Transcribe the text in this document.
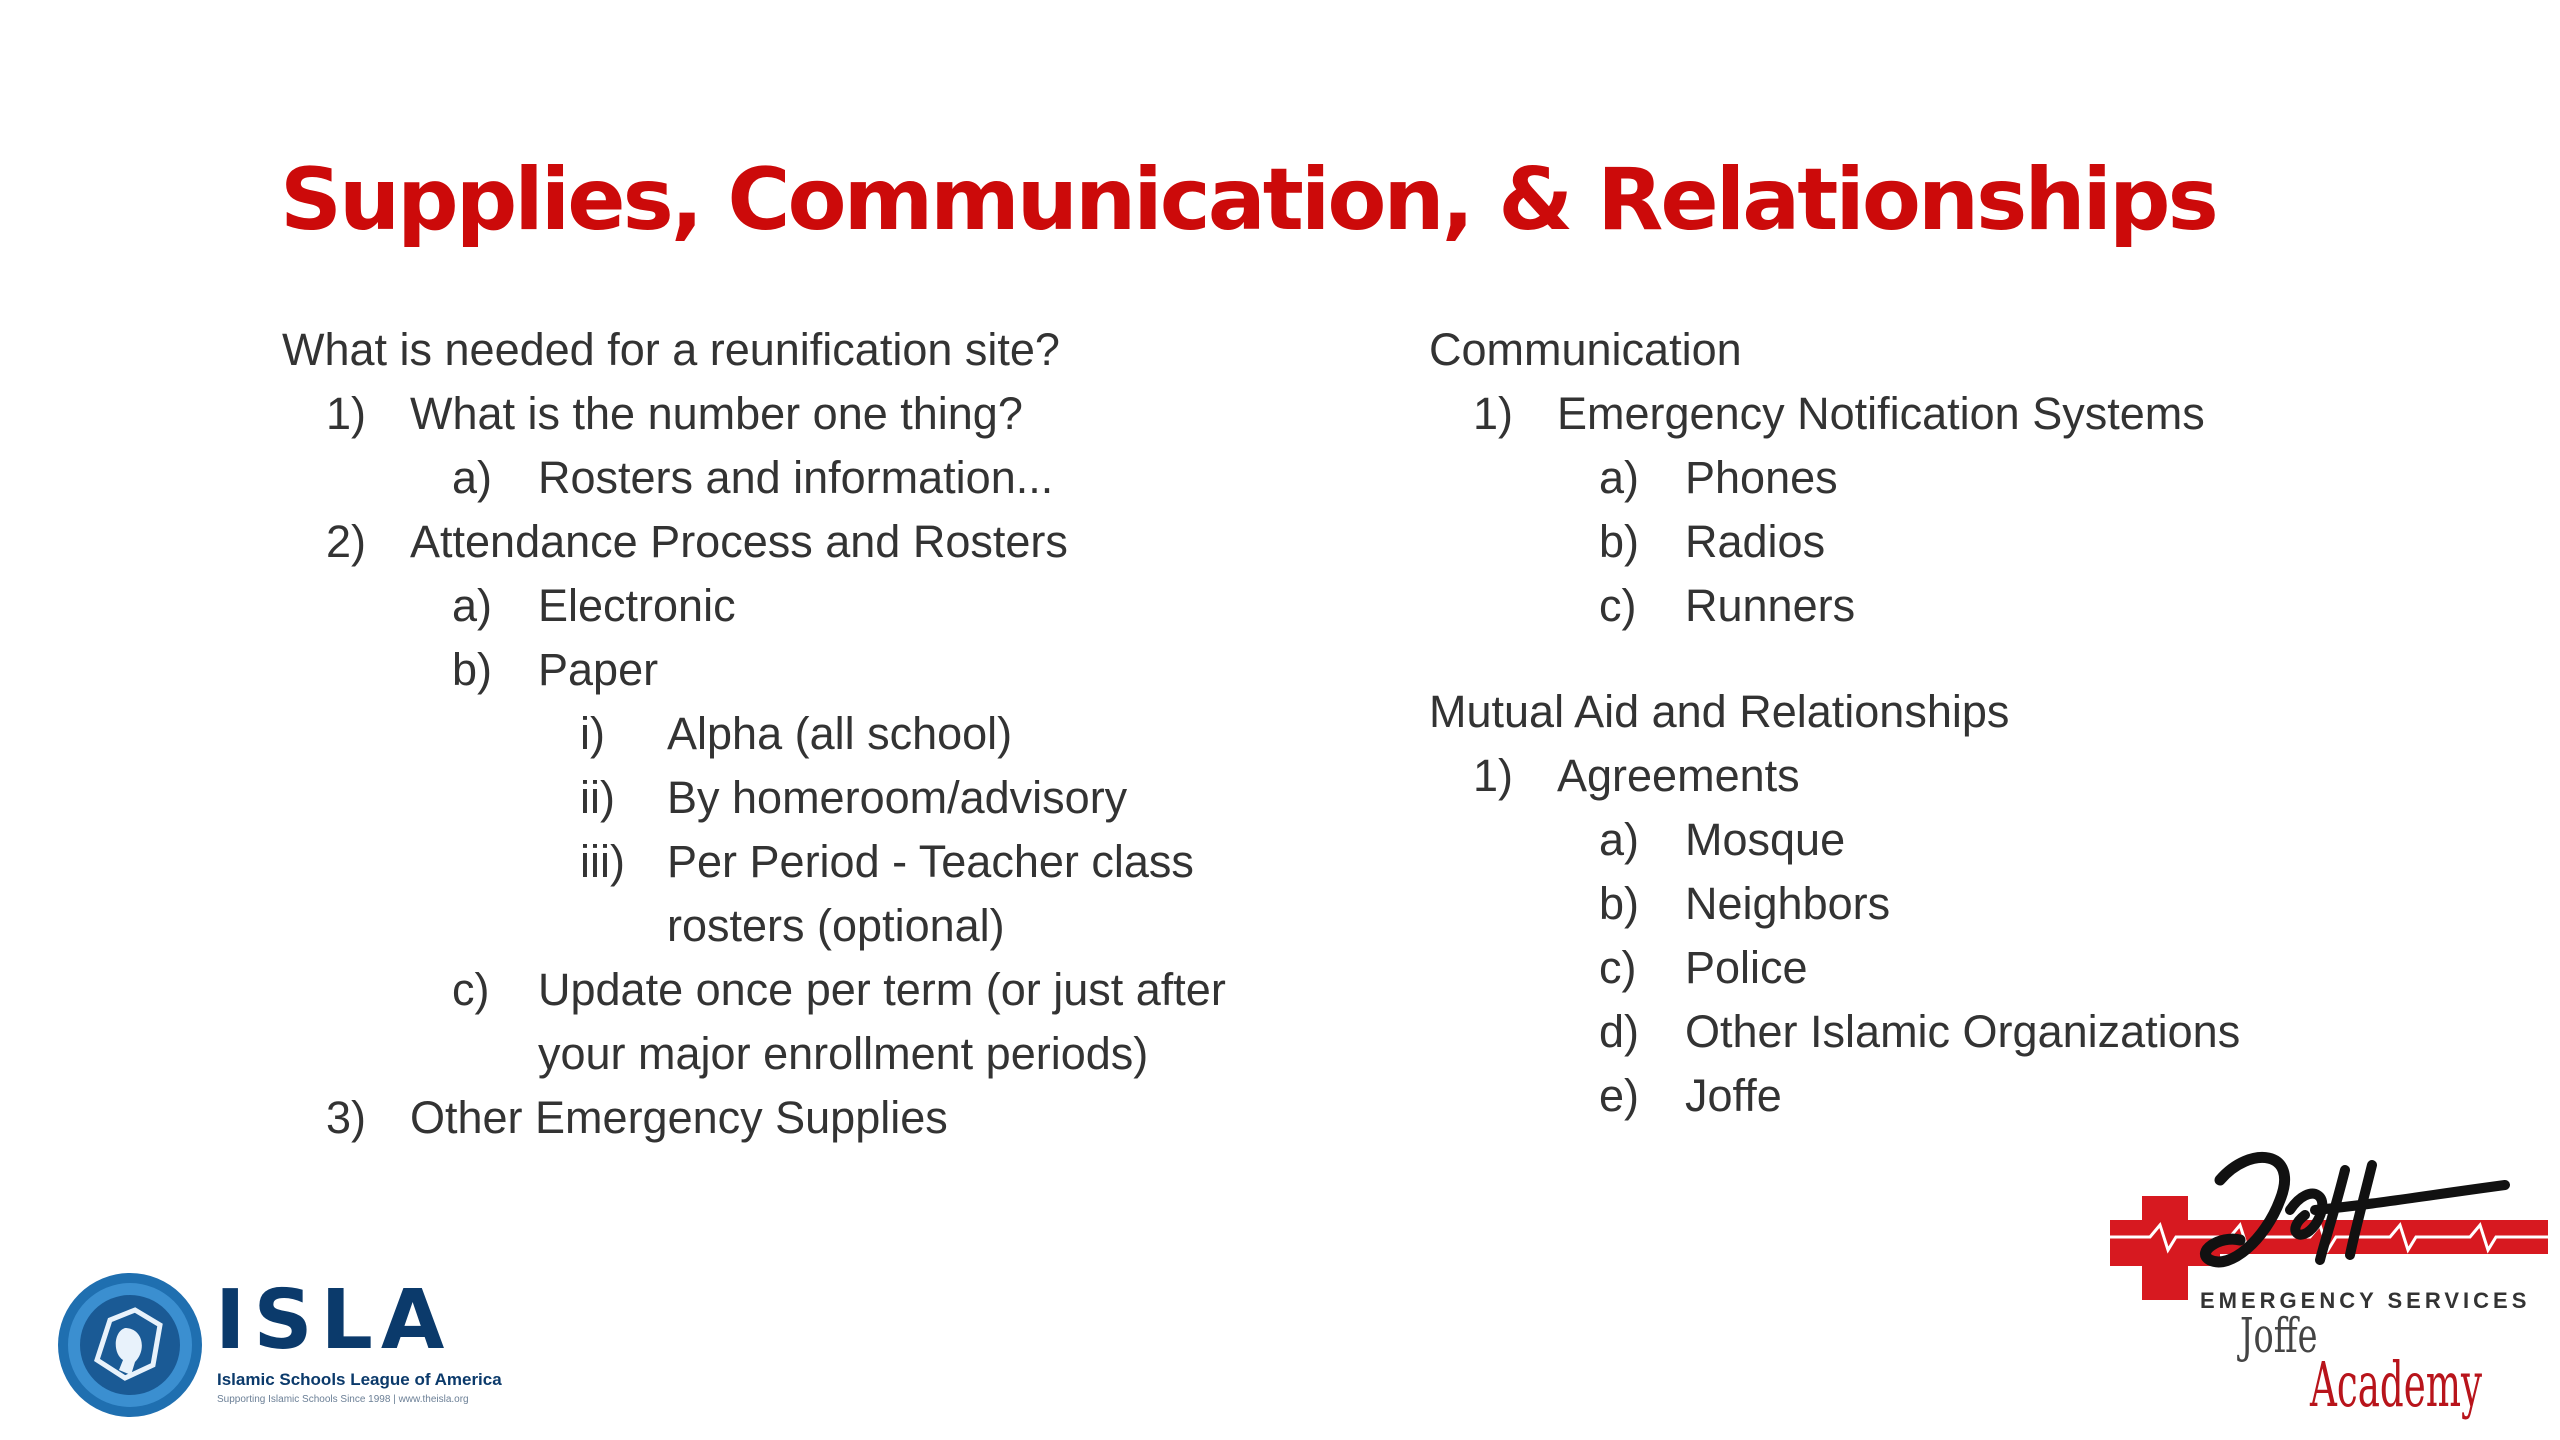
Supplies, Communication, & Relationships
What is needed for a reunification site?
1) What is the number one thing?
a) Rosters and information...
2) Attendance Process and Rosters
a) Electronic
b) Paper
i) Alpha (all school)
ii) By homeroom/advisory
iii) Per Period - Teacher class
rosters (optional)
c) Update once per term (or just after
your major enrollment periods)
3) Other Emergency Supplies
Communication
1) Emergency Notification Systems
a) Phones
b) Radios
c) Runners
Mutual Aid and Relationships
1) Agreements
a) Mosque
b) Neighbors
c) Police
d) Other Islamic Organizations
e) Joffe
ISLA
Islamic Schools League of America
Supporting Islamic Schools Since 1998 | www.theisla.org
EMERGENCY SERVICES
Joffe
Academy
